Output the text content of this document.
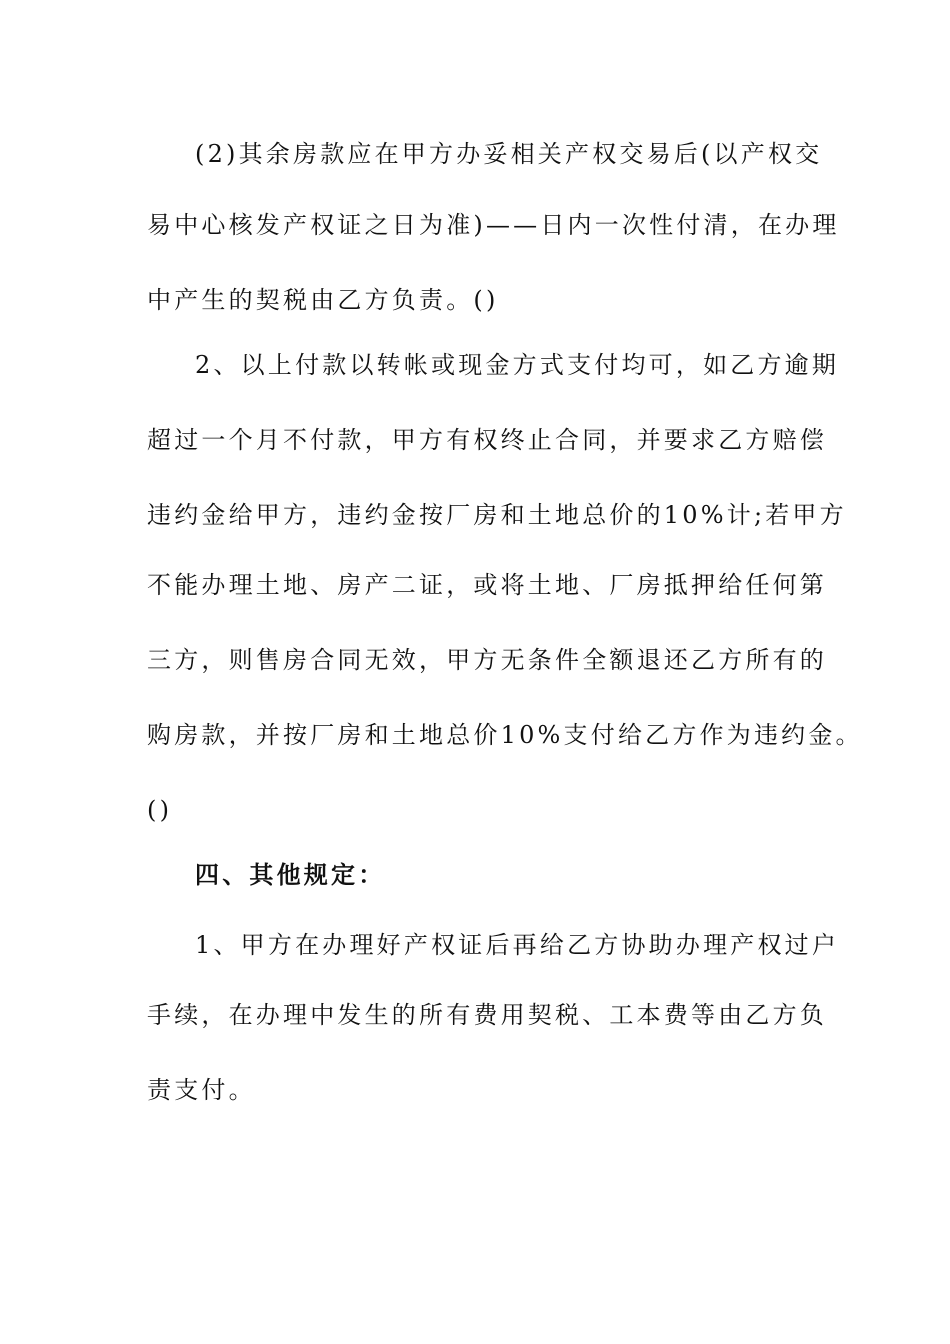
(2)其余房款应在甲方办妥相关产权交易后(以产权交
易中心核发产权证之日为准)——日内一次性付清，在办理
中产生的契税由乙方负责。()
2、以上付款以转帐或现金方式支付均可，如乙方逾期
超过一个月不付款，甲方有权终止合同，并要求乙方赔偿
违约金给甲方，违约金按厂房和土地总价的10%计;若甲方
不能办理土地、房产二证，或将土地、厂房抵押给任何第
三方，则售房合同无效，甲方无条件全额退还乙方所有的
购房款，并按厂房和土地总价10%支付给乙方作为违约金。
()
四、其他规定：
1、甲方在办理好产权证后再给乙方协助办理产权过户
手续，在办理中发生的所有费用契税、工本费等由乙方负
责支付。
